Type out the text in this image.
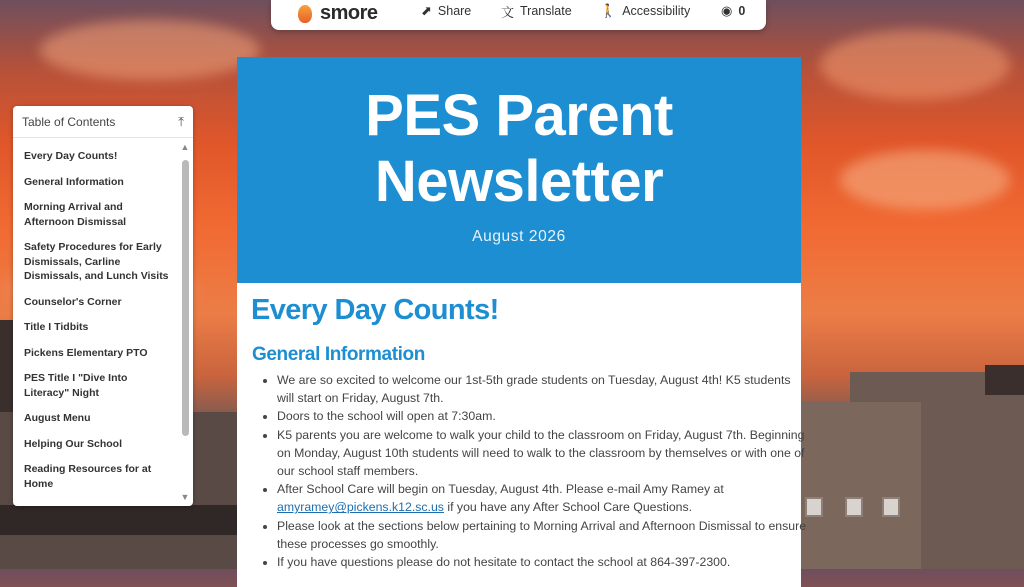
smore	⬈ Share 文 Translate 🚶 Accessibility ◉ 0
Table of Contents	⤒
Every Day Counts!
General Information
Morning Arrival and Afternoon Dismissal
Safety Procedures for Early Dismissals, Carline Dismissals, and Lunch Visits
Counselor's Corner
Title I Tidbits
Pickens Elementary PTO
PES Title I "Dive Into Literacy" Night
August Menu
Helping Our School
Reading Resources for at Home
▲
▼
PES Parent
Newsletter
August 2026
Every Day Counts!
General Information
• We are so excited to welcome our 1st-5th grade students on Tuesday, August 4th! K5 students will start on Friday, August 7th.
• Doors to the school will open at 7:30am.
• K5 parents you are welcome to walk your child to the classroom on Friday, August 7th. Beginning on Monday, August 10th students will need to walk to the classroom by themselves or with one of our school staff members.
• After School Care will begin on Tuesday, August 4th. Please e-mail Amy Ramey at amyramey@pickens.k12.sc.us if you have any After School Care Questions.
• Please look at the sections below pertaining to Morning Arrival and Afternoon Dismissal to ensure these processes go smoothly.
• If you have questions please do not hesitate to contact the school at 864-397-2300.
